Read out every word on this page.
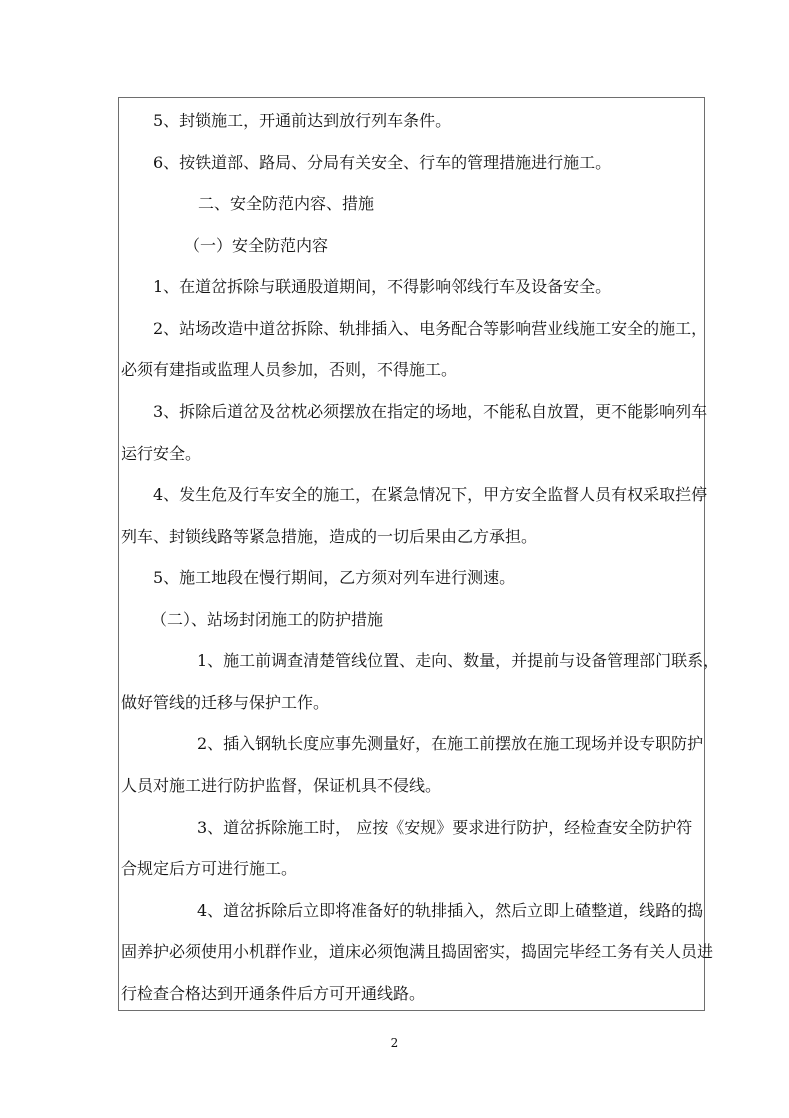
5、封锁施工，开通前达到放行列车条件。
6、按铁道部、路局、分局有关安全、行车的管理措施进行施工。
二、安全防范内容、措施
（一）安全防范内容
1、在道岔拆除与联通股道期间，不得影响邻线行车及设备安全。
2、站场改造中道岔拆除、轨排插入、电务配合等影响营业线施工安全的施工，
必须有建指或监理人员参加，否则，不得施工。
3、拆除后道岔及岔枕必须摆放在指定的场地，不能私自放置，更不能影响列车
运行安全。
4、发生危及行车安全的施工，在紧急情况下，甲方安全监督人员有权采取拦停
列车、封锁线路等紧急措施，造成的一切后果由乙方承担。
5、施工地段在慢行期间，乙方须对列车进行测速。
（二）、站场封闭施工的防护措施
1、施工前调查清楚管线位置、走向、数量，并提前与设备管理部门联系，
做好管线的迁移与保护工作。
2、插入钢轨长度应事先测量好，在施工前摆放在施工现场并设专职防护
人员对施工进行防护监督，保证机具不侵线。
3、道岔拆除施工时， 应按《安规》要求进行防护，经检查安全防护符
合规定后方可进行施工。
4、道岔拆除后立即将准备好的轨排插入，然后立即上碴整道，线路的捣
固养护必须使用小机群作业，道床必须饱满且捣固密实，捣固完毕经工务有关人员进
行检查合格达到开通条件后方可开通线路。
2
